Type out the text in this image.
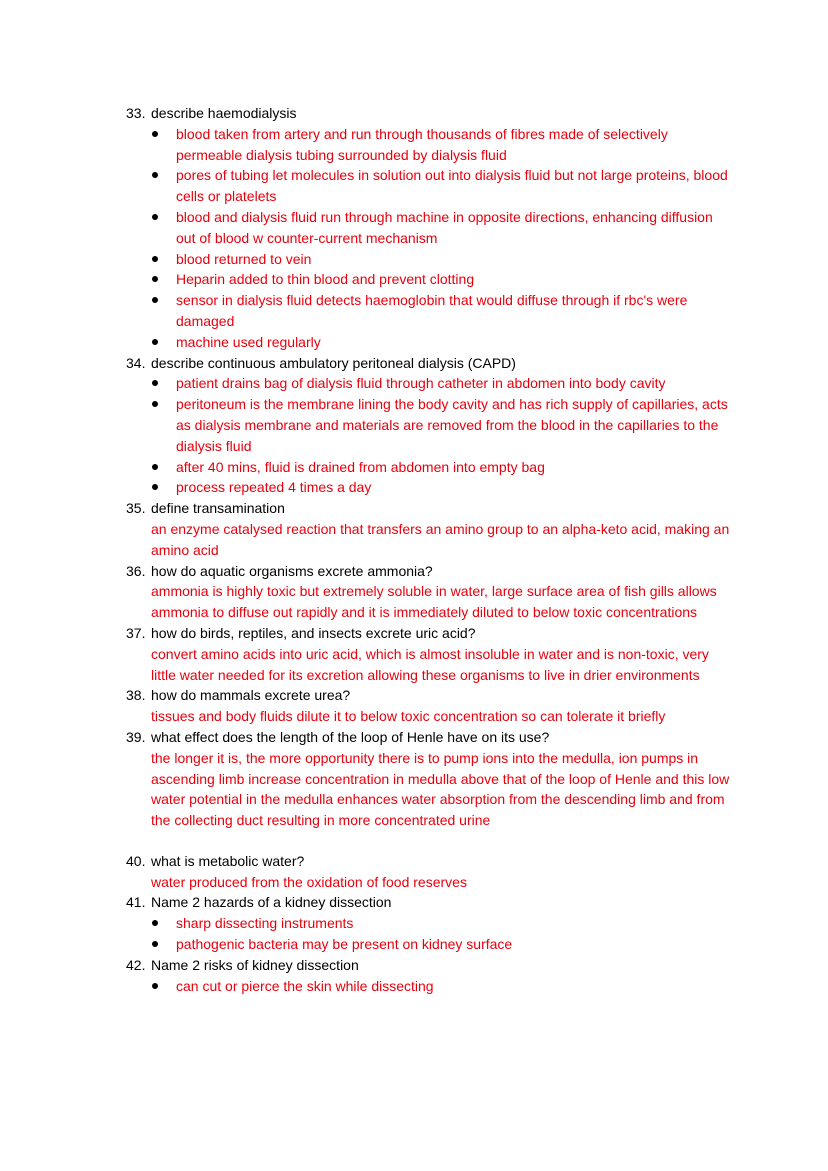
33. describe haemodialysis
blood taken from artery and run through thousands of fibres made of selectively permeable dialysis tubing surrounded by dialysis fluid
pores of tubing let molecules in solution out into dialysis fluid but not large proteins, blood cells or platelets
blood and dialysis fluid run through machine in opposite directions, enhancing diffusion out of blood w counter-current mechanism
blood returned to vein
Heparin added to thin blood and prevent clotting
sensor in dialysis fluid detects haemoglobin that would diffuse through if rbc's were damaged
machine used regularly
34. describe continuous ambulatory peritoneal dialysis (CAPD)
patient drains bag of dialysis fluid through catheter in abdomen into body cavity
peritoneum is the membrane lining the body cavity and has rich supply of capillaries, acts as dialysis membrane and materials are removed from the blood in the capillaries to the dialysis fluid
after 40 mins, fluid is drained from abdomen into empty bag
process repeated 4 times a day
35. define transamination
an enzyme catalysed reaction that transfers an amino group to an alpha-keto acid, making an amino acid
36. how do aquatic organisms excrete ammonia?
ammonia is highly toxic but extremely soluble in water, large surface area of fish gills allows ammonia to diffuse out rapidly and it is immediately diluted to below toxic concentrations
37. how do birds, reptiles, and insects excrete uric acid?
convert amino acids into uric acid, which is almost insoluble in water and is non-toxic, very little water needed for its excretion allowing these organisms to live in drier environments
38. how do mammals excrete urea?
tissues and body fluids dilute it to below toxic concentration so can tolerate it briefly
39. what effect does the length of the loop of Henle have on its use?
the longer it is, the more opportunity there is to pump ions into the medulla, ion pumps in ascending limb increase concentration in medulla above that of the loop of Henle and this low water potential in the medulla enhances water absorption from the descending limb and from the collecting duct resulting in more concentrated urine
40. what is metabolic water?
water produced from the oxidation of food reserves
41. Name 2 hazards of a kidney dissection
sharp dissecting instruments
pathogenic bacteria may be present on kidney surface
42. Name 2 risks of kidney dissection
can cut or pierce the skin while dissecting
